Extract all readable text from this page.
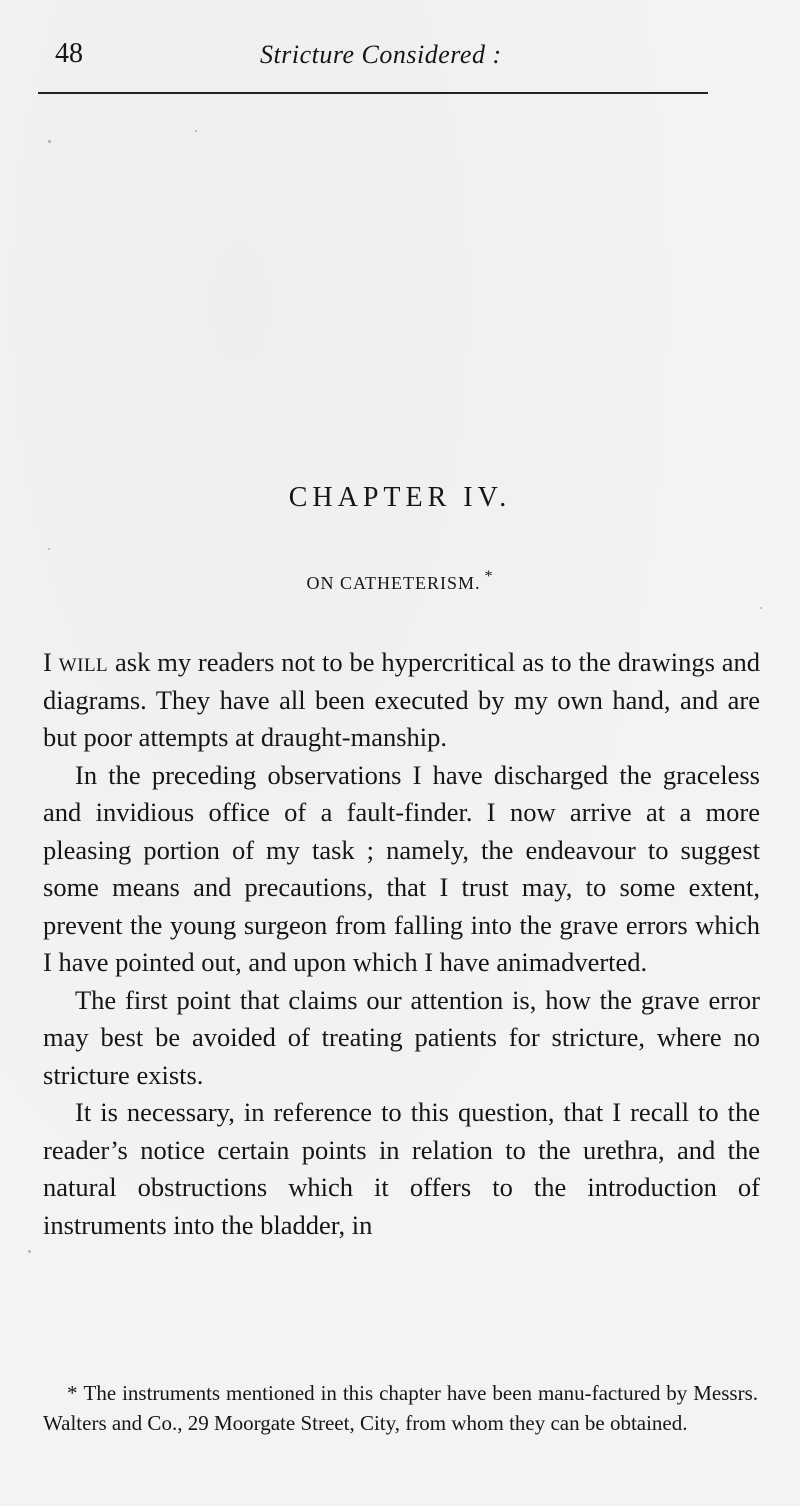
48	Stricture Considered :
CHAPTER IV.
ON CATHETERISM. *

I will ask my readers not to be hypercritical as to the drawings and diagrams. They have all been executed by my own hand, and are but poor attempts at draught-manship.

In the preceding observations I have discharged the graceless and invidious office of a fault-finder. I now arrive at a more pleasing portion of my task ; namely, the endeavour to suggest some means and precautions, that I trust may, to some extent, prevent the young surgeon from falling into the grave errors which I have pointed out, and upon which I have animadverted.

The first point that claims our attention is, how the grave error may best be avoided of treating patients for stricture, where no stricture exists.

It is necessary, in reference to this question, that I recall to the reader’s notice certain points in relation to the urethra, and the natural obstructions which it offers to the introduction of instruments into the bladder, in

* The instruments mentioned in this chapter have been manu-factured by Messrs. Walters and Co., 29 Moorgate Street, City, from whom they can be obtained.
